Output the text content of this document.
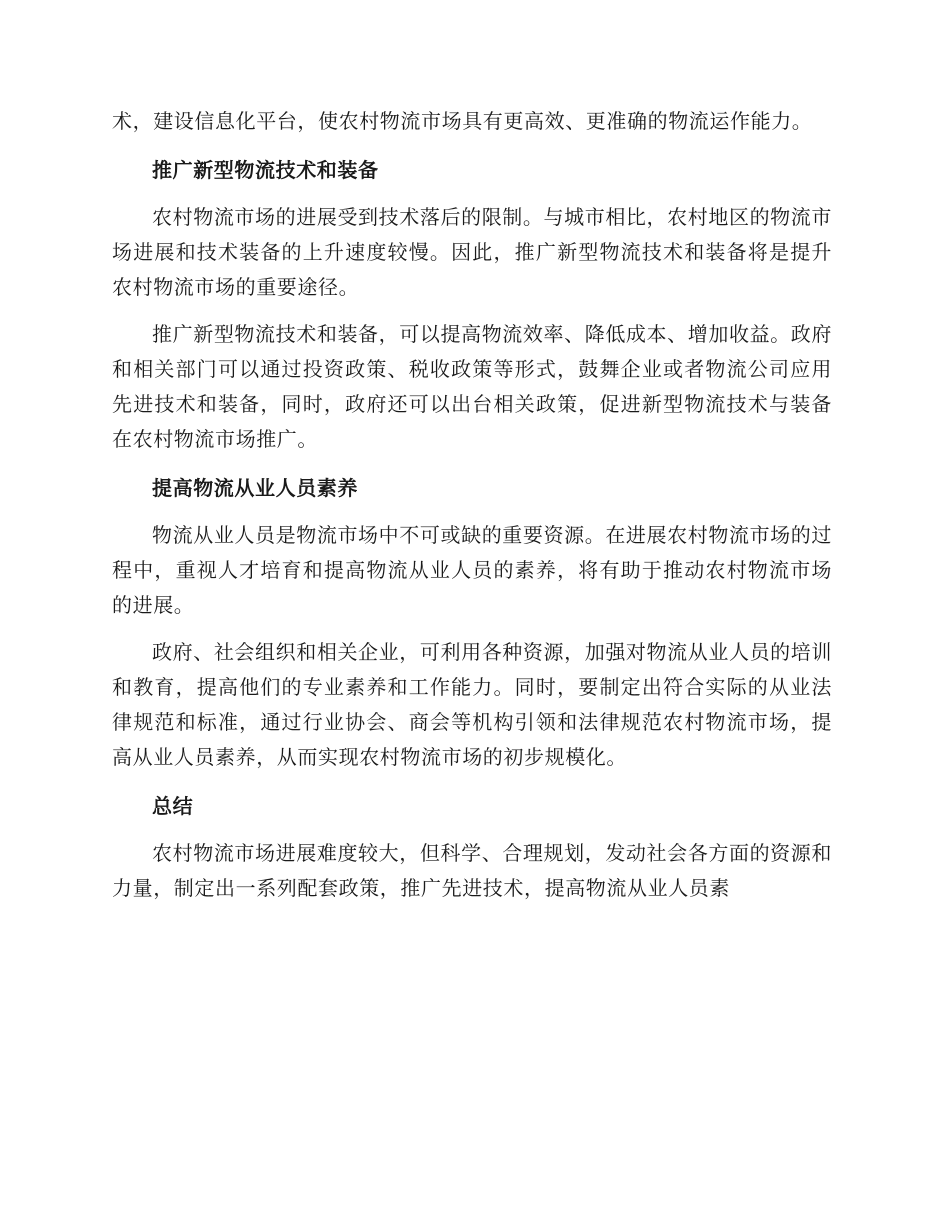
术，建设信息化平台，使农村物流市场具有更高效、更准确的物流运作能力。

推广新型物流技术和装备

农村物流市场的进展受到技术落后的限制。与城市相比，农村地区的物流市场进展和技术装备的上升速度较慢。因此，推广新型物流技术和装备将是提升农村物流市场的重要途径。

推广新型物流技术和装备，可以提高物流效率、降低成本、增加收益。政府和相关部门可以通过投资政策、税收政策等形式，鼓舞企业或者物流公司应用先进技术和装备，同时，政府还可以出台相关政策，促进新型物流技术与装备在农村物流市场推广。

提高物流从业人员素养

物流从业人员是物流市场中不可或缺的重要资源。在进展农村物流市场的过程中，重视人才培育和提高物流从业人员的素养，将有助于推动农村物流市场的进展。

政府、社会组织和相关企业，可利用各种资源，加强对物流从业人员的培训和教育，提高他们的专业素养和工作能力。同时，要制定出符合实际的从业法律规范和标准，通过行业协会、商会等机构引领和法律规范农村物流市场，提高从业人员素养，从而实现农村物流市场的初步规模化。

总结

农村物流市场进展难度较大，但科学、合理规划，发动社会各方面的资源和力量，制定出一系列配套政策，推广先进技术，提高物流从业人员素
